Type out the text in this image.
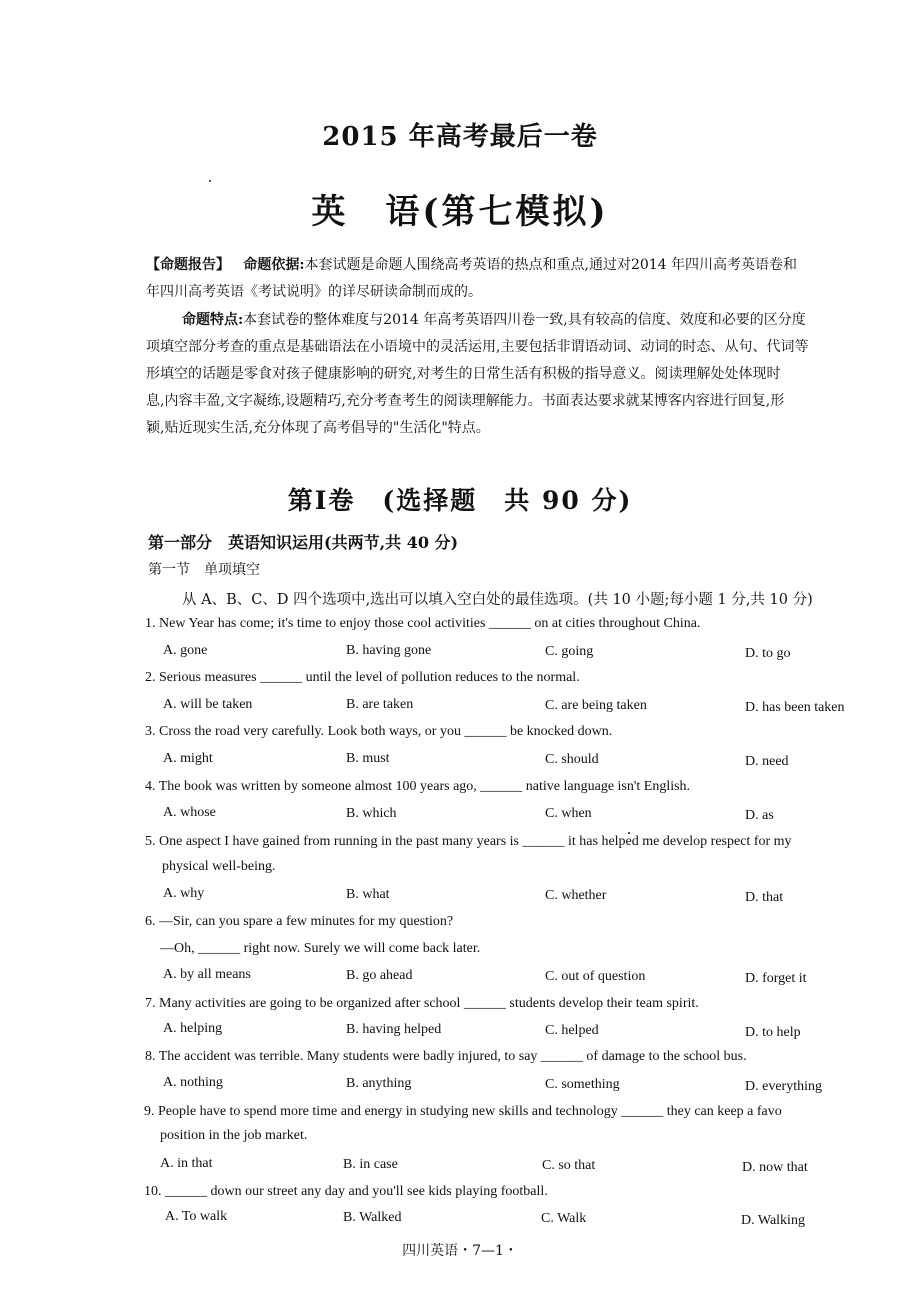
2015 年高考最后一卷
英　语(第七模拟)
【命题报告】 命题依据:本套试题是命题人围绕高考英语的热点和重点,通过对2014 年四川高考英语卷和
年四川高考英语《考试说明》的详尽研读命制而成的。
命题特点:本套试卷的整体难度与2014 年高考英语四川卷一致,具有较高的信度、效度和必要的区分度
项填空部分考查的重点是基础语法在小语境中的灵活运用,主要包括非谓语动词、动词的时态、从句、代词等
形填空的话题是零食对孩子健康影响的研究,对考生的日常生活有积极的指导意义。阅读理解处处体现时
息,内容丰盈,文字凝练,设题精巧,充分考查考生的阅读理解能力。书面表达要求就某博客内容进行回复,形
颖,贴近现实生活,充分体现了高考倡导的"生活化"特点。
第Ⅰ卷　(选择题　共 90 分)
第一部分　英语知识运用(共两节,共 40 分)
第一节　单项填空
从 A、B、C、D 四个选项中,选出可以填入空白处的最佳选项。(共 10 小题;每小题 1 分,共 10 分)
1. New Year has come; it's time to enjoy those cool activities ______ on at cities throughout China.
A. gone	B. having gone	C. going	D. to go
2. Serious measures ______ until the level of pollution reduces to the normal.
A. will be taken	B. are taken	C. are being taken	D. has been taken
3. Cross the road very carefully. Look both ways, or you ______ be knocked down.
A. might	B. must	C. should	D. need
4. The book was written by someone almost 100 years ago, ______ native language isn't English.
A. whose	B. which	C. when	D. as
5. One aspect I have gained from running in the past many years is ______ it has helped me develop respect for my
physical well-being.
A. why	B. what	C. whether	D. that
6. —Sir, can you spare a few minutes for my question?
—Oh, ______ right now. Surely we will come back later.
A. by all means	B. go ahead	C. out of question	D. forget it
7. Many activities are going to be organized after school ______ students develop their team spirit.
A. helping	B. having helped	C. helped	D. to help
8. The accident was terrible. Many students were badly injured, to say ______ of damage to the school bus.
A. nothing	B. anything	C. something	D. everything
9. People have to spend more time and energy in studying new skills and technology ______ they can keep a favo
position in the job market.
A. in that	B. in case	C. so that	D. now that
10. ______ down our street any day and you'll see kids playing football.
A. To walk	B. Walked	C. Walk	D. Walking
四川英语・7—1・
